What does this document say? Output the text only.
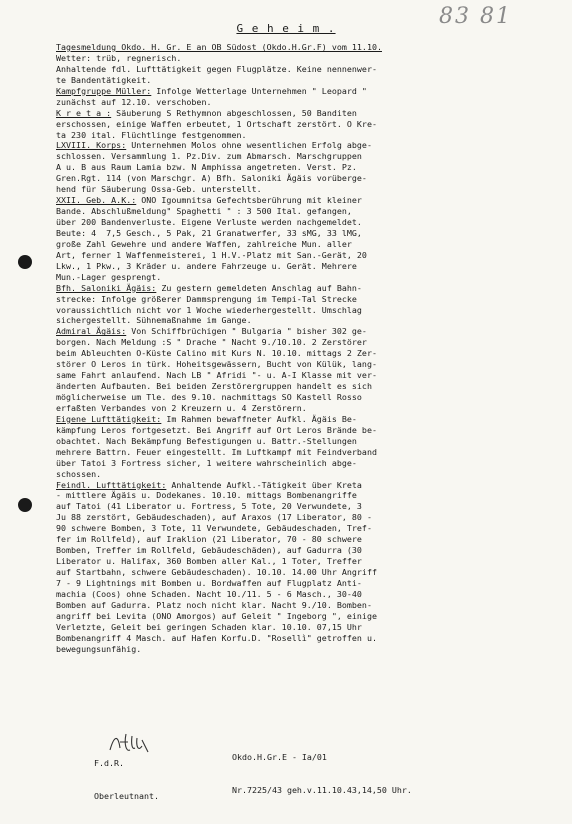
83 81
G e h e i m .
Tagesmeldung Okdo. H. Gr. E an OB Südost (Okdo.H.Gr.F) vom 11.10.
Wetter: trüb, regnerisch.
Anhaltende fdl. Lufttätigkeit gegen Flugplätze. Keine nennenwer-
te Bandentätigkeit.
Kampfgruppe Müller: Infolge Wetterlage Unternehmen " Leopard "
zunächst auf 12.10. verschoben.
K r e t a : Säuberung S Rethymnon abgeschlossen, 50 Banditen
erschossen, einige Waffen erbeutet, 1 Ortschaft zerstört. O Kre-
ta 230 ital. Flüchtlinge festgenommen.
LXVIII. Korps: Unternehmen Molos ohne wesentlichen Erfolg abge-
schlossen. Versammlung 1. Pz.Div. zum Abmarsch. Marschgruppen
A u. B aus Raum Lamia bzw. N Amphissa angetreten. Verst. Pz.
Gren.Rgt. 114 (von Marschgr. A) Bfh. Saloniki Ägäis vorüberge-
hend für Säuberung Ossa-Geb. unterstellt.
XXII. Geb. A.K.: ONO Igoumnitsa Gefechtsberührung mit kleiner
Bande. Abschlußmeldung" Spaghetti " : 3 500 Ital. gefangen,
über 200 Bandenverluste. Eigene Verluste werden nachgemeldet.
Beute: 4  7,5 Gesch., 5 Pak, 21 Granatwerfer, 33 sMG, 33 lMG,
große Zahl Gewehre und andere Waffen, zahlreiche Mun. aller
Art, ferner 1 Waffenmeisterei, 1 H.V.-Platz mit San.-Gerät, 20
Lkw., 1 Pkw., 3 Kräder u. andere Fahrzeuge u. Gerät. Mehrere
Mun.-Lager gesprengt.
Bfh. Saloniki Ägäis: Zu gestern gemeldeten Anschlag auf Bahn-
strecke: Infolge größerer Dammsprengung im Tempi-Tal Strecke
voraussichtlich nicht vor 1 Woche wiederhergestellt. Umschlag
sichergestellt. Sühnemaßnahme im Gange.
Admiral Ägäis: Von Schiffbrüchigen " Bulgaria " bisher 302 ge-
borgen. Nach Meldung :S " Drache " Nacht 9./10.10. 2 Zerstörer
beim Ableuchten O-Küste Calino mit Kurs N. 10.10. mittags 2 Zer-
störer O Leros in türk. Hoheitsgewässern, Bucht von Külük, lang-
same Fahrt anlaufend. Nach LB " Afridi "- u. A-I Klasse mit ver-
änderten Aufbauten. Bei beiden Zerstörergruppen handelt es sich
möglicherweise um Tle. des 9.10. nachmittags SO Kastell Rosso
erfaßten Verbandes von 2 Kreuzern u. 4 Zerstörern.
Eigene Lufttätigkeit: Im Rahmen bewaffneter Aufkl. Ägäis Be-
kämpfung Leros fortgesetzt. Bei Angriff auf Ort Leros Brände be-
obachtet. Nach Bekämpfung Befestigungen u. Battr.-Stellungen
mehrere Battrn. Feuer eingestellt. Im Luftkampf mit Feindverband
über Tatoi 3 Fortress sicher, 1 weitere wahrscheinlich abge-
schossen.
Feindl. Lufttätigkeit: Anhaltende Aufkl.-Tätigkeit über Kreta
- mittlere Ägäis u. Dodekanes. 10.10. mittags Bombenangriffe
auf Tatoi (41 Liberator u. Fortress, 5 Tote, 20 Verwundete, 3
Ju 88 zerstört, Gebäudeschaden), auf Araxos (17 Liberator, 80 -
90 schwere Bomben, 3 Tote, 11 Verwundete, Gebäudeschaden, Tref-
fer im Rollfeld), auf Iraklion (21 Liberator, 70 - 80 schwere
Bomben, Treffer im Rollfeld, Gebäudeschäden), auf Gadurra (30
Liberator u. Halifax, 360 Bomben aller Kal., 1 Toter, Treffer
auf Startbahn, schwere Gebäudeschaden). 10.10. 14.00 Uhr Angriff
7 - 9 Lightnings mit Bomben u. Bordwaffen auf Flugplatz Anti-
machia (Coos) ohne Schaden. Nacht 10./11. 5 - 6 Masch., 30-40
Bomben auf Gadurra. Platz noch nicht klar. Nacht 9./10. Bomben-
angriff bei Levita (ONO Amorgos) auf Geleit " Ingeborg ", einige
Verletzte, Geleit bei geringen Schaden klar. 10.10. 07,15 Uhr
Bombenangriff 4 Masch. auf Hafen Korfu.D. "Rosellì" getroffen u.
bewegungsunfähig.

Okdo.H.Gr.E - Ia/01

Nr.7225/43 geh.v.11.10.43,14,50 Uhr.

F.d.R.

Oberleutnant.
